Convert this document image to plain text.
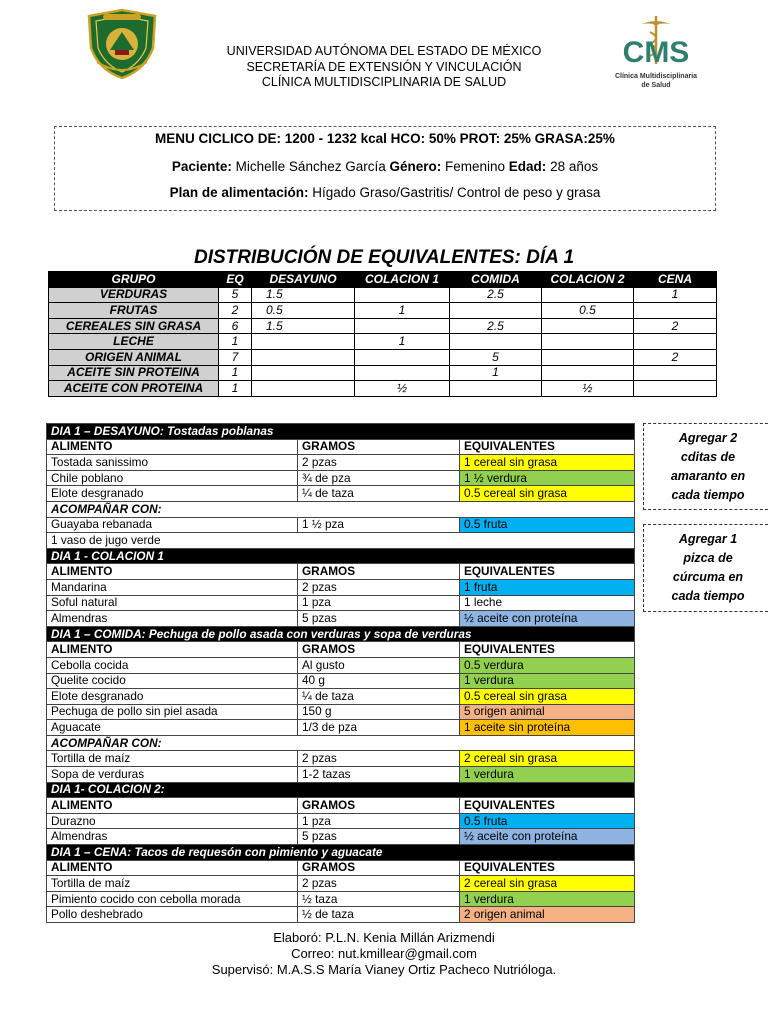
CMS
Clínica Multidisciplinaria
de Salud
UNIVERSIDAD AUTÓNOMA DEL ESTADO DE MÉXICO
SECRETARÍA DE EXTENSIÓN Y VINCULACIÓN
CLÍNICA MULTIDISCIPLINARIA DE SALUD
MENU CICLICO DE: 1200 - 1232 kcal HCO: 50% PROT: 25% GRASA:25%
Paciente: Michelle Sánchez García Género: Femenino Edad: 28 años
Plan de alimentación: Hígado Graso/Gastritis/ Control de peso y grasa
DISTRIBUCIÓN DE EQUIVALENTES: DÍA 1
GRUPO	EQ	DESAYUNO	COLACION 1	COMIDA	COLACION 2	CENA
VERDURAS	5	1.5		2.5		1
FRUTAS	2	0.5	1		0.5	
CEREALES SIN GRASA	6	1.5		2.5		2
LECHE	1		1			
ORIGEN ANIMAL	7			5		2
ACEITE SIN PROTEINA	1			1		
ACEITE CON PROTEINA	1		½		½	
DIA 1 – DESAYUNO: Tostadas poblanas		
ALIMENTO	GRAMOS	EQUIVALENTES
Tostada sanissimo	2 pzas	1 cereal sin grasa
Chile poblano	¾ de pza	1 ½ verdura
Elote desgranado	¼ de taza	0.5 cereal sin grasa
ACOMPAÑAR CON:		
Guayaba rebanada	1 ½ pza	0.5 fruta
1 vaso de jugo verde		
DIA 1 - COLACION 1		
ALIMENTO	GRAMOS	EQUIVALENTES
Mandarina	2 pzas	1 fruta
Soful natural	1 pza	1 leche
Almendras	5 pzas	½ aceite con proteína
DIA 1 – COMIDA: Pechuga de pollo asada con verduras y sopa de verduras		
ALIMENTO	GRAMOS	EQUIVALENTES
Cebolla cocida	Al gusto	0.5 verdura
Quelite cocido	40 g	1 verdura
Elote desgranado	¼ de taza	0.5 cereal sin grasa
Pechuga de pollo sin piel asada	150 g	5 origen animal
Aguacate	1/3 de pza	1 aceite sin proteína
ACOMPAÑAR CON:		
Tortilla de maíz	2 pzas	2 cereal sin grasa
Sopa de verduras	1-2 tazas	1 verdura
DIA 1- COLACION 2:		
ALIMENTO	GRAMOS	EQUIVALENTES
Durazno	1 pza	0.5 fruta
Almendras	5 pzas	½ aceite con proteína
DIA 1 – CENA: Tacos de requesón con pimiento y aguacate		
ALIMENTO	GRAMOS	EQUIVALENTES
Tortilla de maíz	2 pzas	2 cereal sin grasa
Pimiento cocido con cebolla morada	½ taza	1 verdura
Pollo deshebrado	½ de taza	2 origen animal
Agregar 2
cditas de
amaranto en
cada tiempo
Agregar 1
pizca de
cúrcuma en
cada tiempo
Elaboró: P.L.N. Kenia Millán Arizmendi
Correo: nut.kmillear@gmail.com
Supervisó: M.A.S.S María Vianey Ortiz Pacheco Nutrióloga.
